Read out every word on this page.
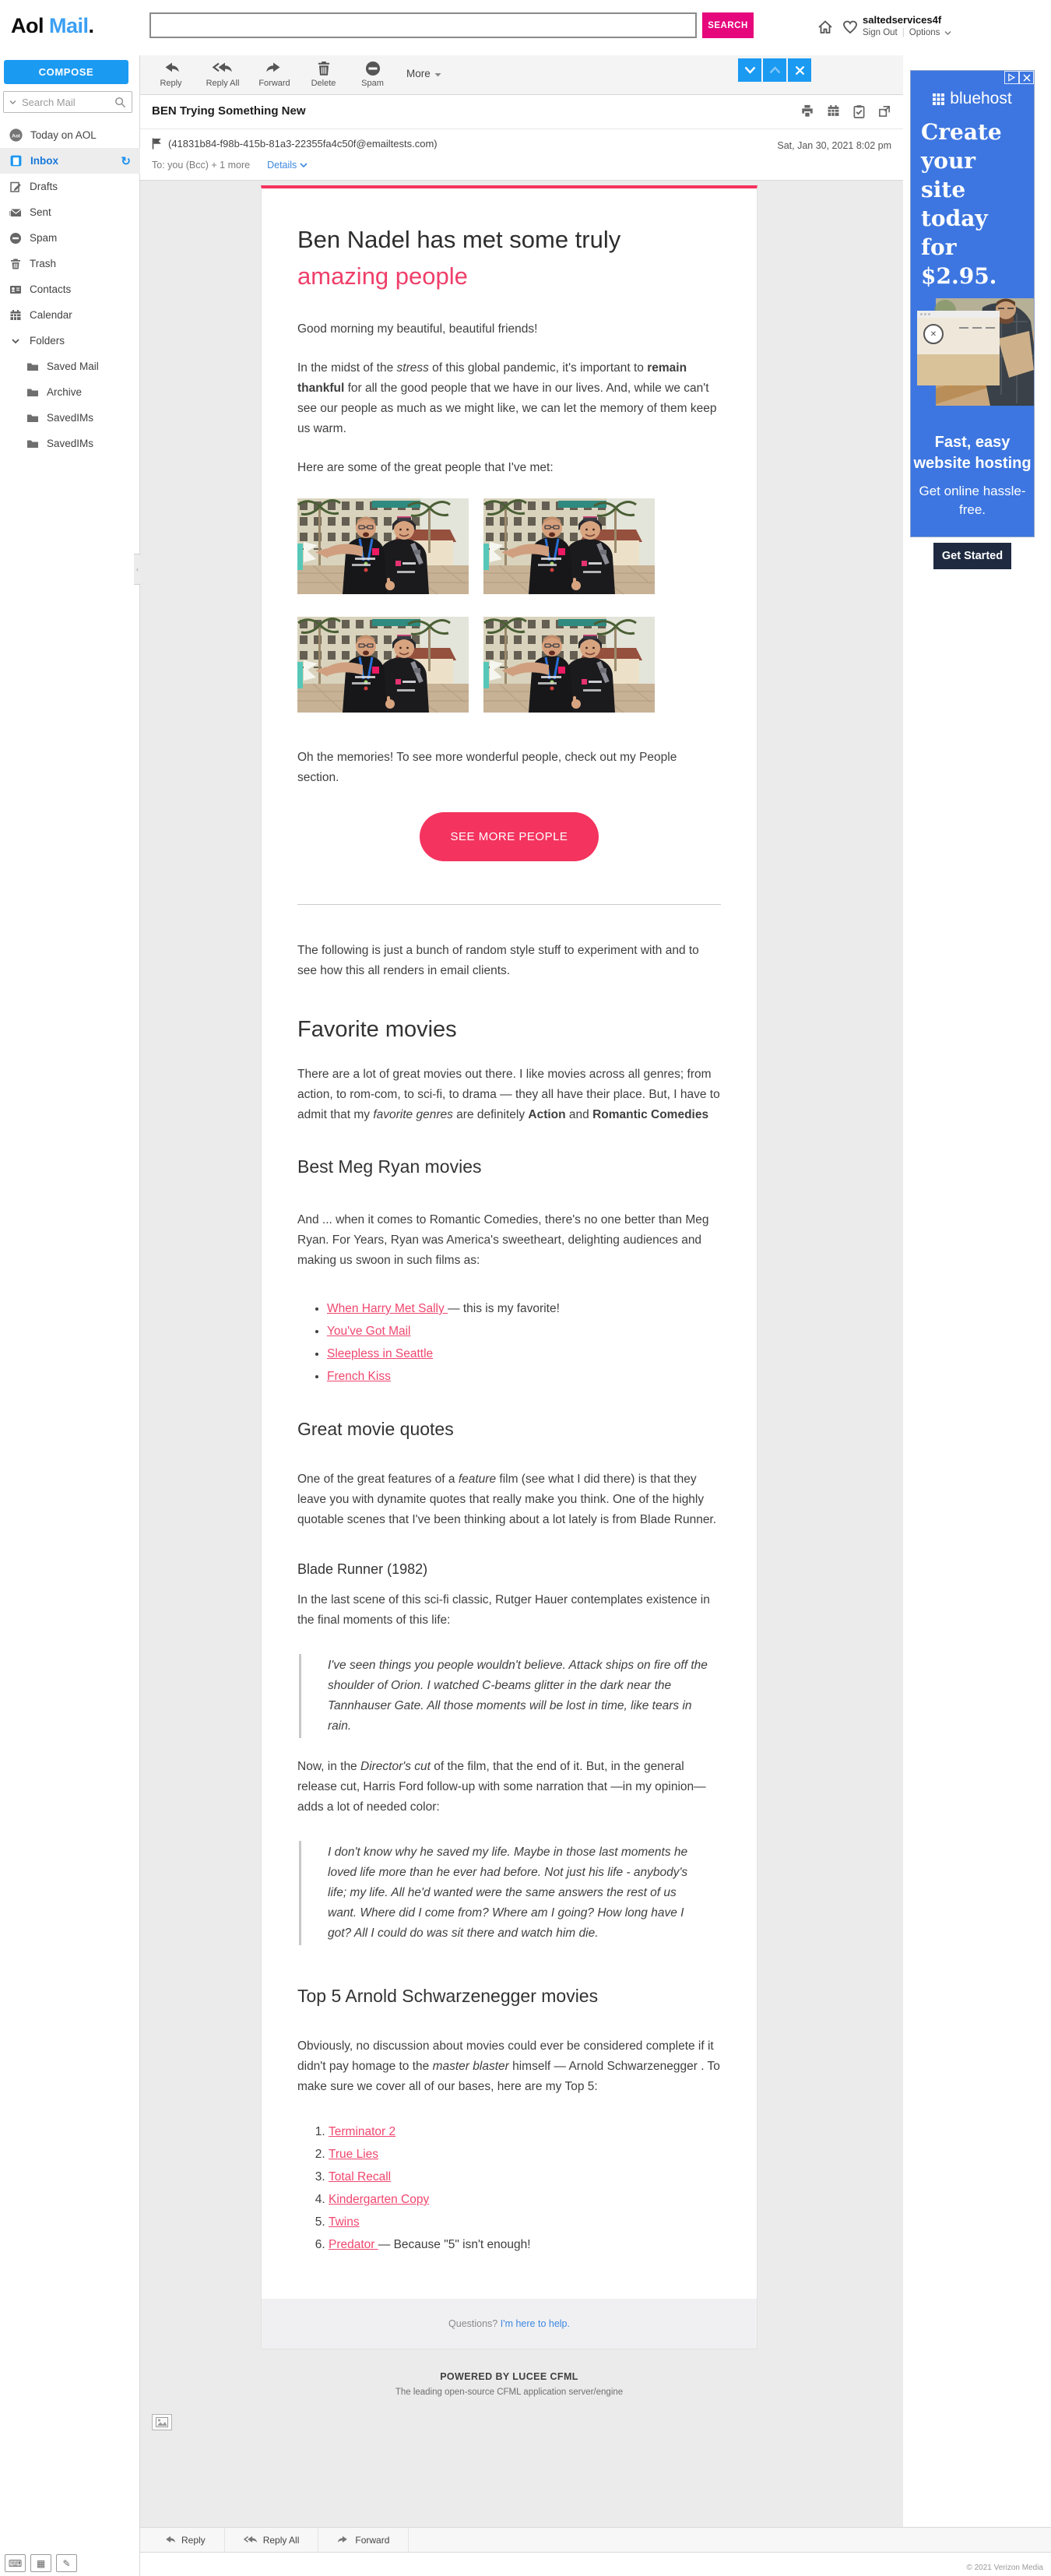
Aol Mail.	SEARCH	saltedservices4f
Sign Out | Options
COMPOSE
Search Mail
Aol Today on AOL
Inbox	↻
Drafts
Sent
Spam
Trash
Contacts
Calendar
Folders
Saved Mail
Archive
SavedIMs
SavedIMs
‹
Reply	Reply All Forward Delete	Spam
More
BEN Trying Something New
(41831b84-f98b-415b-81a3-22355fa4c50f@emailtests.com)	Sat, Jan 30, 2021 8:02 pm
To: you (Bcc) + 1 more Details
Ben Nadel has met some truly
amazing people

Good morning my beautiful, beautiful friends!

In the midst of the stress of this global pandemic, it's important to remain thankful for all the good people that we have in our lives. And, while we can't see our people as much as we might like, we can let the memory of them keep us warm.

Here are some of the great people that I've met:

Oh the memories! To see more wonderful people, check out my People section.

SEE MORE PEOPLE

The following is just a bunch of random style stuff to experiment with and to see how this all renders in email clients.

Favorite movies

There are a lot of great movies out there. I like movies across all genres; from action, to rom-com, to sci-fi, to drama — they all have their place. But, I have to admit that my favorite genres are definitely Action and Romantic Comedies

Best Meg Ryan movies

And ... when it comes to Romantic Comedies, there's no one better than Meg Ryan. For Years, Ryan was America's sweetheart, delighting audiences and making us swoon in such films as:

• When Harry Met Sally — this is my favorite!
• You've Got Mail
• Sleepless in Seattle
• French Kiss
Great movie quotes

One of the great features of a feature film (see what I did there) is that they leave you with dynamite quotes that really make you think. One of the highly quotable scenes that I've been thinking about a lot lately is from Blade Runner.

Blade Runner (1982)

In the last scene of this sci-fi classic, Rutger Hauer contemplates existence in the final moments of this life:

I've seen things you people wouldn't believe. Attack ships on fire off the shoulder of Orion. I watched C-beams glitter in the dark near the Tannhauser Gate. All those moments will be lost in time, like tears in rain.

Now, in the Director's cut of the film, that the end of it. But, in the general release cut, Harris Ford follow-up with some narration that —in my opinion— adds a lot of needed color:

I don't know why he saved my life. Maybe in those last moments he loved life more than he ever had before. Not just his life - anybody's life; my life. All he'd wanted were the same answers the rest of us want. Where did I come from? Where am I going? How long have I got? All I could do was sit there and watch him die.
Top 5 Arnold Schwarzenegger movies

Obviously, no discussion about movies could ever be considered complete if it didn't pay homage to the master blaster himself — Arnold Schwarzenegger . To make sure we cover all of our bases, here are my Top 5:

1. Terminator 2
2. True Lies
3. Total Recall
4. Kindergarten Copy
5. Twins
6. Predator — Because "5" isn't enough!
Questions? I'm here to help.
POWERED BY LUCEE CFML
The leading open-source CFML application server/engine
bluehost
Create your site today for $2.95.
✕
Fast, easy website hosting
Get online hassle-free.
Get Started
Reply	Reply All	Forward
⌨	▦	✎	© 2021 Verizon Media
